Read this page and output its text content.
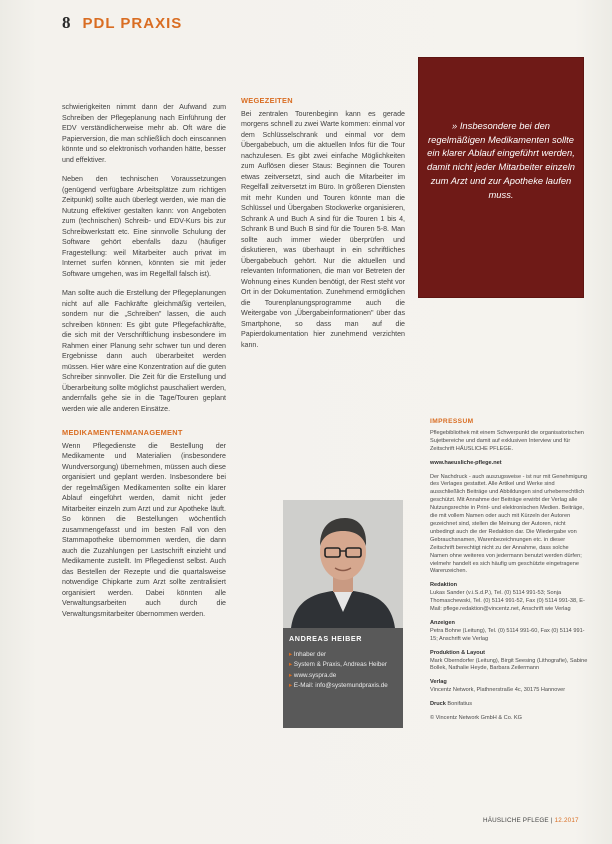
8 PDL PRAXIS

schwierigkeiten nimmt dann der Aufwand zum Schreiben der Pflegeplanung nach Einführung der EDV verständlicherweise mehr ab. Oft wäre die Papierversion, die man schließlich doch einscannen könnte und so elektronisch vorhanden hätte, besser und effektiver.

Neben den technischen Voraussetzungen (genügend verfügbare Arbeitsplätze zum richtigen Zeitpunkt) sollte auch überlegt werden, wie man die Nutzung effektiver gestalten kann: von Angeboten zum (technischen) Schreib- und EDV-Kurs bis zur Schreibwerkstatt etc. Eine sinnvolle Schulung der Software gehört ebenfalls dazu (häufiger Fragestellung: weil Mitarbeiter auch privat im Internet surfen können, könnten sie mit jeder Software umgehen, was im Regelfall falsch ist).

Man sollte auch die Erstellung der Pflegeplanungen nicht auf alle Fachkräfte gleichmäßig verteilen, sondern nur die „Schreiben" lassen, die auch schreiben können: Es gibt gute Pflegefachkräfte, die sich mit der Verschriftlichung insbesondere im Rahmen einer Planung sehr schwer tun und deren Ergebnisse dann auch überarbeitet werden müssen. Hier wäre eine Konzentration auf die guten Schreiber sinnvoller. Die Zeit für die Erstellung und Überarbeitung sollte möglichst pauschaliert werden, andernfalls gehe sie in die Tage/Touren geplant werden wie alle anderen Einsätze.

MEDIKAMENTENMANAGEMENT

Wenn Pflegedienste die Bestellung der Medikamente und Materialien (insbesondere Wundversorgung) übernehmen, müssen auch diese organisiert und geplant werden. Insbesondere bei der regelmäßigen Medikamenten sollte ein klarer Ablauf eingeführt werden, damit nicht jeder Mitarbeiter einzeln zum Arzt und zur Apotheke läuft. So können die Bestellungen wöchentlich zusammengefasst und im besten Fall von den Stammapotheke übernommen werden, die dann auch die Zuzahlungen per Lastschrift einzieht und Medikamente zustellt. Im Pflegedienst selbst. Auch das Bestellen der Rezepte und die quartalsweise notwendige Chipkarte zum Arzt sollte zentralisiert organisiert werden. Dabei könnten alle Verwaltungsarbeiten auch durch die Verwaltungsmitarbeiter übernommen werden.

WEGEZEITEN

Bei zentralen Tourenbeginn kann es gerade morgens schnell zu zwei Warte kommen: einmal vor dem Schlüsselschrank und einmal vor dem Übergabebuch, um die aktuellen Infos für die Tour nachzulesen. Es gibt zwei einfache Möglichkeiten zum Auflösen dieser Staus: Beginnen die Touren etwas zeitversetzt, sind auch die Mitarbeiter im Regelfall zeitversetzt im Büro. In größeren Diensten mit mehr Kunden und Touren könnte man die Schlüssel und Übergaben Stockwerke organisieren, Schrank A und Buch A sind für die Touren 1 bis 4, Schrank B und Buch B sind für die Touren 5-8. Man sollte auch immer wieder überprüfen und diskutieren, was überhaupt in ein schriftliches Übergabebuch gehört. Nur die aktuellen und relevanten Informationen, die man vor Betreten der Wohnung eines Kunden benötigt, der Rest steht vor Ort in der Dokumentation. Zunehmend ermöglichen die Tourenplanungsprogramme auch die Weitergabe von „Übergabeinformationen" über das Smartphone, so dass man auf die Papierdokumentation hier zunehmend verzichten kann.

» Insbesondere bei den regelmäßigen Medikamenten sollte ein klarer Ablauf eingeführt werden, damit nicht jeder Mitarbeiter einzeln zum Arzt und zur Apotheke laufen muss.
ANDREAS HEIBER
▸ Inhaber der
▸ System & Praxis, Andreas Heiber
▸ www.syspra.de
▸ E-Mail: info@systemundpraxis.de
IMPRESSUM

Pflegebibliothek mit einem Schwerpunkt die organisatorischen Sujetbereiche und damit auf exklusiven Interview und für Zeitschrift HÄUSLICHE PFLEGE.

www.haeusliche-pflege.net

Der Nachdruck - auch auszugsweise - ist nur mit Genehmigung des Verlages gestattet. Alle Artikel und Werke sind ausschließlich Beiträge und Abbildungen sind urheberrechtlich geschützt. Mit Annahme der Beiträge erwirbt der Verlag alle Nutzungsrechte in Print- und elektronischen Medien. Beiträge, die mit vollem Namen oder auch mit Kürzeln der Autoren gezeichnet sind, stellen die Meinung der Autoren, nicht unbedingt auch die der Redaktion dar. Die Wiedergabe von Gebrauchsnamen, Warenbezeichnungen etc. in dieser Zeitschrift berechtigt nicht zu der Annahme, dass solche Namen ohne weiteres von jedermann benutzt werden dürfen; vielmehr handelt es sich häufig um geschützte eingetragene Warenzeichen.

Redaktion
Lukas Sander (v.i.S.d.P.), Tel. (0) 5114 991-53; Sonja Thomaschewski, Tel. (0) 5114 991-52, Fax (0) 5114 991-38, E-Mail: pflege.redaktion@vincentz.net, Anschrift wie Verlag

Anzeigen
Petra Bohne (Leitung), Tel. (0) 5114 991-60, Fax (0) 5114 991-15; Anschrift wie Verlag

Produktion & Layout
Mark Oberndorfer (Leitung), Birgit Seesing (Lithografie), Sabine Bollek, Nathalie Heyde, Barbara Zeilermann

Verlag
Vincentz Network, Plathnerstraße 4c, 30175 Hannover

Druck Bonifatius

© Vincentz Network GmbH & Co. KG

HÄUSLICHE PFLEGE | 12.2017
